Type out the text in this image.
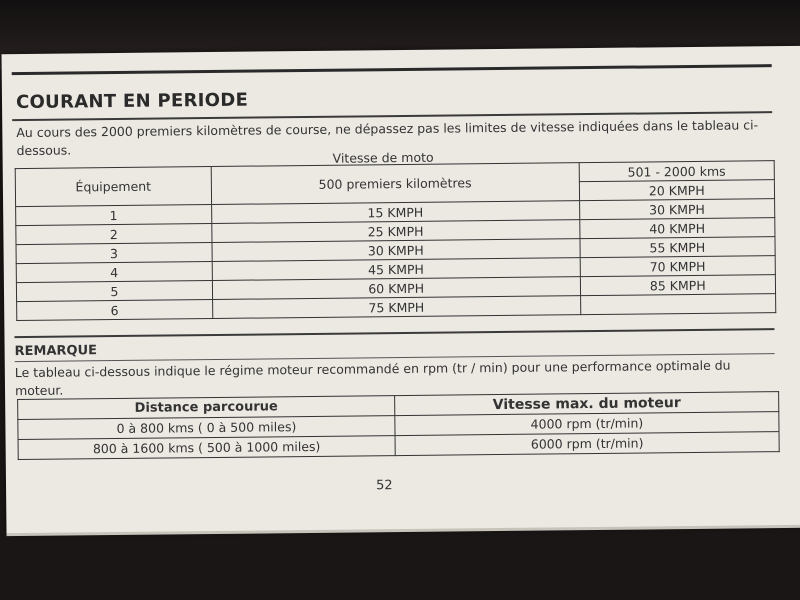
COURANT EN PERIODE
Au cours des 2000 premiers kilomètres de course, ne dépassez pas les limites de vitesse indiquées dans le tableau ci-dessous.	Vitesse de moto
Équipement	500 premiers kilomètres	501 - 2000 kms
		20 KMPH
1	15 KMPH	30 KMPH
2	25 KMPH	40 KMPH
3	30 KMPH	55 KMPH
4	45 KMPH	70 KMPH
5	60 KMPH	85 KMPH
6	75 KMPH	
REMARQUE
Le tableau ci-dessous indique le régime moteur recommandé en rpm (tr / min) pour une performance optimale du moteur.
Distance parcourue	Vitesse max. du moteur
0 à 800 kms ( 0 à 500 miles)	4000 rpm (tr/min)
800 à 1600 kms ( 500 à 1000 miles)	6000 rpm (tr/min)
52
